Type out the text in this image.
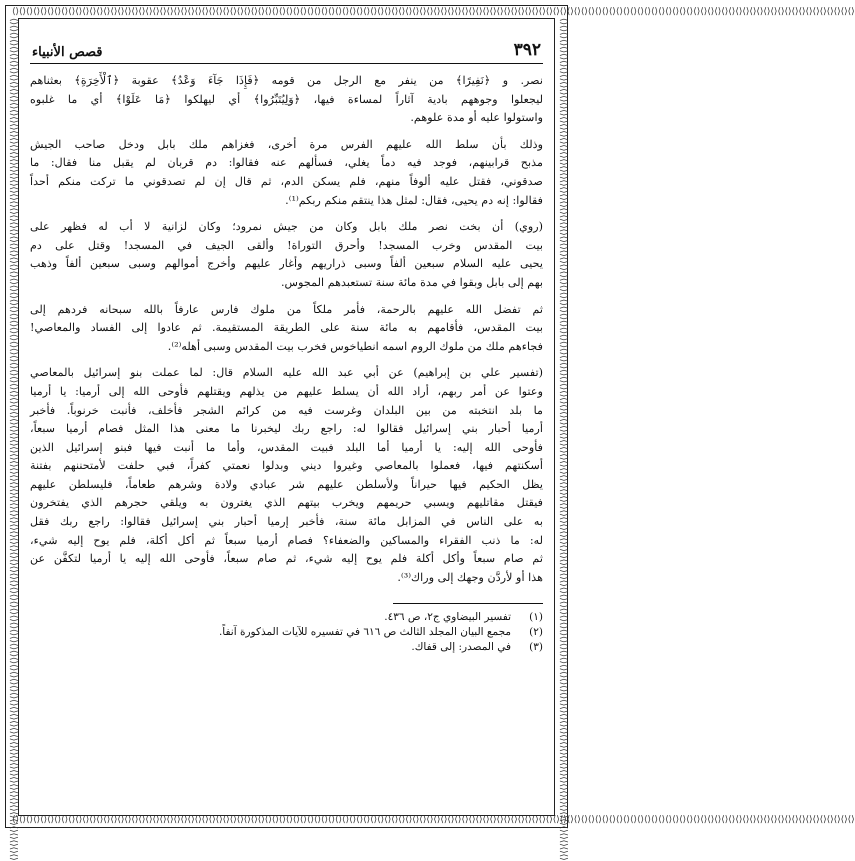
⟨⟩⟨⟩⟨⟩⟨⟩⟨⟩⟨⟩⟨⟩⟨⟩⟨⟩⟨⟩⟨⟩⟨⟩⟨⟩⟨⟩⟨⟩⟨⟩⟨⟩⟨⟩⟨⟩⟨⟩⟨⟩⟨⟩⟨⟩⟨⟩⟨⟩⟨⟩⟨⟩⟨⟩⟨⟩⟨⟩⟨⟩⟨⟩⟨⟩⟨⟩⟨⟩⟨⟩⟨⟩⟨⟩⟨⟩⟨⟩⟨⟩⟨⟩⟨⟩⟨⟩⟨⟩⟨⟩⟨⟩⟨⟩⟨⟩⟨⟩⟨⟩⟨⟩⟨⟩⟨⟩⟨⟩⟨⟩⟨⟩⟨⟩⟨⟩⟨⟩⟨⟩⟨⟩⟨⟩⟨⟩⟨⟩⟨⟩⟨⟩⟨⟩⟨⟩⟨⟩⟨⟩⟨⟩⟨⟩⟨⟩⟨⟩⟨⟩⟨⟩⟨⟩⟨⟩⟨⟩⟨⟩⟨⟩⟨⟩⟨⟩⟨⟩⟨⟩⟨⟩⟨⟩⟨⟩⟨⟩⟨⟩⟨⟩⟨⟩⟨⟩⟨⟩⟨⟩⟨⟩⟨⟩⟨⟩⟨⟩⟨⟩⟨⟩⟨⟩⟨⟩⟨⟩⟨⟩⟨⟩⟨⟩⟨⟩⟨⟩⟨⟩⟨⟩⟨⟩⟨⟩⟨⟩⟨⟩⟨⟩⟨⟩⟨⟩⟨⟩
⟨⟩⟨⟩⟨⟩⟨⟩⟨⟩⟨⟩⟨⟩⟨⟩⟨⟩⟨⟩⟨⟩⟨⟩⟨⟩⟨⟩⟨⟩⟨⟩⟨⟩⟨⟩⟨⟩⟨⟩⟨⟩⟨⟩⟨⟩⟨⟩⟨⟩⟨⟩⟨⟩⟨⟩⟨⟩⟨⟩⟨⟩⟨⟩⟨⟩⟨⟩⟨⟩⟨⟩⟨⟩⟨⟩⟨⟩⟨⟩⟨⟩⟨⟩⟨⟩⟨⟩⟨⟩⟨⟩⟨⟩⟨⟩⟨⟩⟨⟩⟨⟩⟨⟩⟨⟩⟨⟩⟨⟩⟨⟩⟨⟩⟨⟩⟨⟩⟨⟩⟨⟩⟨⟩⟨⟩⟨⟩⟨⟩⟨⟩⟨⟩⟨⟩⟨⟩⟨⟩⟨⟩⟨⟩⟨⟩⟨⟩⟨⟩⟨⟩⟨⟩⟨⟩⟨⟩⟨⟩⟨⟩⟨⟩⟨⟩⟨⟩⟨⟩⟨⟩⟨⟩⟨⟩⟨⟩⟨⟩⟨⟩⟨⟩⟨⟩⟨⟩⟨⟩⟨⟩⟨⟩⟨⟩⟨⟩⟨⟩⟨⟩⟨⟩⟨⟩⟨⟩⟨⟩⟨⟩⟨⟩⟨⟩⟨⟩⟨⟩⟨⟩⟨⟩⟨⟩⟨⟩⟨⟩⟨⟩⟨⟩⟨⟩⟨⟩⟨⟩
⟨⟩⟨⟩⟨⟩⟨⟩⟨⟩⟨⟩⟨⟩⟨⟩⟨⟩⟨⟩⟨⟩⟨⟩⟨⟩⟨⟩⟨⟩⟨⟩⟨⟩⟨⟩⟨⟩⟨⟩⟨⟩⟨⟩⟨⟩⟨⟩⟨⟩⟨⟩⟨⟩⟨⟩⟨⟩⟨⟩⟨⟩⟨⟩⟨⟩⟨⟩⟨⟩⟨⟩⟨⟩⟨⟩⟨⟩⟨⟩⟨⟩⟨⟩⟨⟩⟨⟩⟨⟩⟨⟩⟨⟩⟨⟩⟨⟩⟨⟩⟨⟩⟨⟩⟨⟩⟨⟩⟨⟩⟨⟩⟨⟩⟨⟩⟨⟩⟨⟩⟨⟩⟨⟩⟨⟩⟨⟩⟨⟩⟨⟩⟨⟩⟨⟩⟨⟩⟨⟩⟨⟩⟨⟩⟨⟩⟨⟩⟨⟩⟨⟩⟨⟩⟨⟩⟨⟩⟨⟩⟨⟩⟨⟩⟨⟩⟨⟩⟨⟩⟨⟩⟨⟩⟨⟩⟨⟩⟨⟩⟨⟩⟨⟩⟨⟩⟨⟩⟨⟩⟨⟩⟨⟩⟨⟩⟨⟩⟨⟩⟨⟩⟨⟩⟨⟩⟨⟩⟨⟩⟨⟩⟨⟩⟨⟩⟨⟩⟨⟩⟨⟩⟨⟩⟨⟩⟨⟩⟨⟩⟨⟩⟨⟩⟨⟩⟨⟩⟨⟩	⟨⟩⟨⟩⟨⟩⟨⟩⟨⟩⟨⟩⟨⟩⟨⟩⟨⟩⟨⟩⟨⟩⟨⟩⟨⟩⟨⟩⟨⟩⟨⟩⟨⟩⟨⟩⟨⟩⟨⟩⟨⟩⟨⟩⟨⟩⟨⟩⟨⟩⟨⟩⟨⟩⟨⟩⟨⟩⟨⟩⟨⟩⟨⟩⟨⟩⟨⟩⟨⟩⟨⟩⟨⟩⟨⟩⟨⟩⟨⟩⟨⟩⟨⟩⟨⟩⟨⟩⟨⟩⟨⟩⟨⟩⟨⟩⟨⟩⟨⟩⟨⟩⟨⟩⟨⟩⟨⟩⟨⟩⟨⟩⟨⟩⟨⟩⟨⟩⟨⟩⟨⟩⟨⟩⟨⟩⟨⟩⟨⟩⟨⟩⟨⟩⟨⟩⟨⟩⟨⟩⟨⟩⟨⟩⟨⟩⟨⟩⟨⟩⟨⟩⟨⟩⟨⟩⟨⟩⟨⟩⟨⟩⟨⟩⟨⟩⟨⟩⟨⟩⟨⟩⟨⟩⟨⟩⟨⟩⟨⟩⟨⟩⟨⟩⟨⟩⟨⟩⟨⟩⟨⟩⟨⟩⟨⟩⟨⟩⟨⟩⟨⟩⟨⟩⟨⟩⟨⟩⟨⟩⟨⟩⟨⟩⟨⟩⟨⟩⟨⟩⟨⟩⟨⟩⟨⟩⟨⟩⟨⟩⟨⟩⟨⟩⟨⟩⟨⟩⟨⟩
٣٩٢
قصص الأنبياء

نصر. و ﴿نَفِيرًا﴾ من ينفر مع الرجل من قومه ﴿فَإِذَا جَآءَ وَعْدُ﴾ عقوبة ﴿ٱلْأَخِرَةِ﴾ بعثناهم
ليجعلوا وجوههم بادية آثاراً لمساءة فيها، ﴿وَلِيُتَبِّرُوا﴾ أي ليهلكوا ﴿مَا عَلَوْا﴾ أي ما غلبوه
واستولوا عليه أو مدة علوهم.

وذلك بأن سلط الله عليهم الفرس مرة أخرى، فغزاهم ملك بابل ودخل صاحب الجيش
مذبح قرابينهم، فوجد فيه دماً يغلي، فسألهم عنه فقالوا: دم قربان لم يقبل منا فقال: ما
صدقوني، فقتل عليه ألوفاً منهم، فلم يسكن الدم، ثم قال إن لم تصدقوني ما تركت منكم أحداً
فقالوا: إنه دم يحيى، فقال: لمثل هذا ينتقم منكم ربكم⁽¹⁾.

(روي) أن بخت نصر ملك بابل وكان من جيش نمرود؛ وكان لزانية لا أب له فظهر على
بيت المقدس وخرب المسجد! وأحرق التوراة! وألقى الجيف في المسجد! وقتل على دم
يحيى عليه السلام سبعين ألفاً وسبى ذراريهم وأغار عليهم وأخرج أموالهم وسبى سبعين ألفاً وذهب
بهم إلى بابل وبقوا في مدة مائة سنة تستعبدهم المجوس.

ثم تفضل الله عليهم بالرحمة، فأمر ملكاً من ملوك فارس عارفاً بالله سبحانه فردهم إلى
بيت المقدس، فأقامهم به مائة سنة على الطريقة المستقيمة. ثم عادوا إلى الفساد والمعاصي!
فجاءهم ملك من ملوك الروم اسمه انطياخوس فخرب بيت المقدس وسبى أهله⁽²⁾.

(تفسير علي بن إبراهيم) عن أبي عبد الله عليه السلام قال: لما عملت بنو إسرائيل بالمعاصي
وعتوا عن أمر ربهم، أراد الله أن يسلط عليهم من يذلهم ويقتلهم فأوحى الله إلى أرميا: يا أرميا
ما بلد انتخبته من بين البلدان وغرست فيه من كرائم الشجر فأخلف، فأنبت خرنوباً. فأخبر
أرميا أحبار بني إسرائيل فقالوا له: راجع ربك ليخبرنا ما معنى هذا المثل فصام أرميا سبعاً،
فأوحى الله إليه: يا أرميا أما البلد فبيت المقدس، وأما ما أنبت فيها فبنو إسرائيل الذين
أسكنتهم فيها، فعملوا بالمعاصي وغيروا ديني وبدلوا نعمتي كفراً، فبي حلفت لأمتحننهم بفتنة
يظل الحكيم فيها حيراناً ولأسلطن عليهم شر عبادي ولادة وشرهم طعاماً، فليسلطن عليهم
فيقتل مقاتليهم ويسبي حريمهم ويخرب بيتهم الذي يغترون به ويلقي حجرهم الذي يفتخرون
به على الناس في المزابل مائة سنة، فأخبر إرميا أحبار بني إسرائيل فقالوا: راجع ربك فقل
له: ما ذنب الفقراء والمساكين والضعفاء؟ فصام أرميا سبعاً ثم أكل أكلة، فلم يوح إليه شيء،
ثم صام سبعاً وأكل أكلة فلم يوح إليه شيء، ثم صام سبعاً، فأوحى الله إليه يا أرميا لتكفَّن عن
هذا أو لأردَّن وجهك إلى وراك⁽³⁾.

(١)
تفسير البيضاوي ج٢، ص ٤٣٦.
(٢)
مجمع البيان المجلد الثالث ص ٦١٦ في تفسيره للآيات المذكورة آنفاً.
(٣)
في المصدر: إلى قفاك.
